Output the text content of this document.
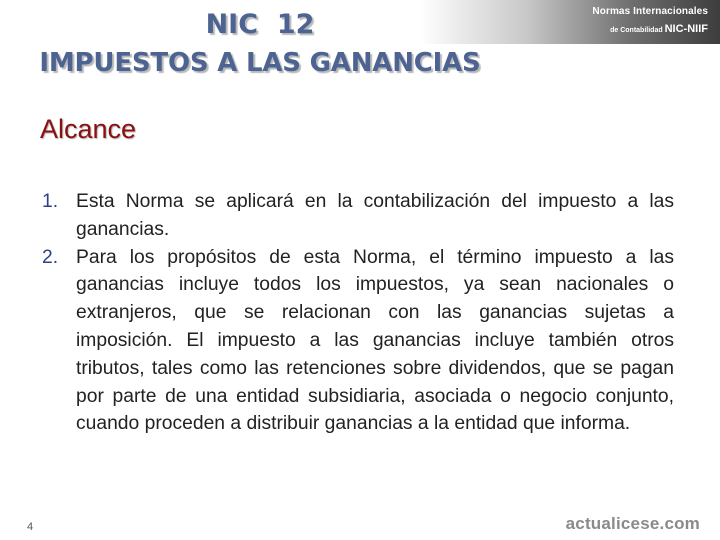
Normas Internacionales
de Contabilidad NIC-NIIF
NIC  12
IMPUESTOS A LAS GANANCIAS
Alcance
1. Esta Norma se aplicará en la contabilización del impuesto a las ganancias.
2. Para los propósitos de esta Norma, el término impuesto a las ganancias incluye todos los impuestos, ya sean nacionales o extranjeros, que se relacionan con las ganancias sujetas a imposición. El impuesto a las ganancias incluye también otros tributos, tales como las retenciones sobre dividendos, que se pagan por parte de una entidad subsidiaria, asociada o negocio conjunto, cuando proceden a distribuir ganancias a la entidad que informa.
4	actualicese.com
